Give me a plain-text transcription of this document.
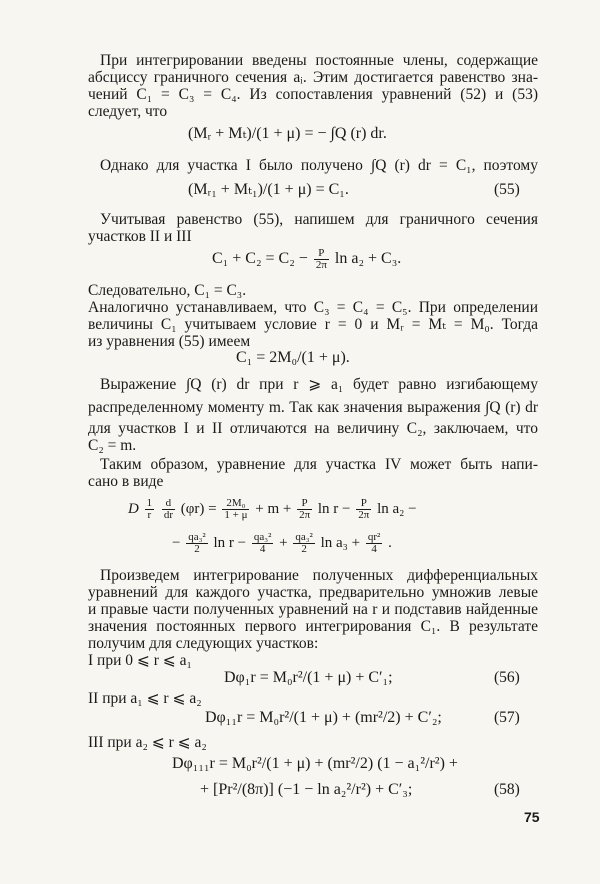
При интегрировании введены постоянные члены, содержащие
абсциссу граничного сечения aᵢ. Этим достигается равенство зна-
чений C₁ = C₃ = C₄. Из сопоставления уравнений (52) и (53)
следует, что
(Mᵣ + Mₜ)/(1 + μ) = − ∫Q (r) dr.
Однако для участка I было получено ∫Q (r) dr = C₁, поэтому
(Mᵣ₁ + Mₜ₁)/(1 + μ) = C₁.	(55)
Учитывая равенство (55), напишем для граничного сечения
участков II и III
$C_1 + C_2 = C_2 - \frac{P}{2\pi}$ ln a₂ + C₃.
Следовательно, C₁ = C₃.
Аналогично устанавливаем, что C₃ = C₄ = C₅. При определении
величины C₁ учитываем условие r = 0 и Mᵣ = Mₜ = M₀. Тогда
из уравнения (55) имеем
C₁ = 2M₀/(1 + μ).
Выражение ∫Q (r) dr при r ⩾ a₁ будет равно изгибающему
распределенному моменту m. Так как значения выражения ∫Q (r) dr
для участков I и II отличаются на величину C₂, заключаем, что
C₂ = m.
Таким образом, уравнение для участка IV может быть напи-
сано в виде
D $\frac{1}{r}$
$\frac{d}{dr} (\varphi r) = \frac{\text{2M₀}}{1 + \mu} + m + \frac{P}{2\pi}$ $\ln r - \frac{P}{2\pi}$ ln a₂ −
− $\frac{\text{qa₃²}}{2}$ $\ln r - \frac{\text{qa₃²}}{4} + \frac{\text{qa₃²}}{2}$ $\ln a_3 + \frac{\text{qr²}}{4}$ .
Произведем интегрирование полученных дифференциальных
уравнений для каждого участка, предварительно умножив левые
и правые части полученных уравнений на r и подставив найденные
значения постоянных первого интегрирования C₁. В результате
получим для следующих участков:
I при 0 ⩽ r ⩽ a₁
Dφ₁r = M₀r²/(1 + μ) + C′₁;	(56)
II при a₁ ⩽ r ⩽ a₂
Dφ₁₁r = M₀r²/(1 + μ) + (mr²/2) + C′₂;	(57)
III при a₂ ⩽ r ⩽ a₂
Dφ₁₁₁r = M₀r²/(1 + μ) + (mr²/2) (1 − a₁²/r²) +
+ [Pr²/(8π)] (−1 − ln a₂²/r²) + C′₃;	(58)
75
